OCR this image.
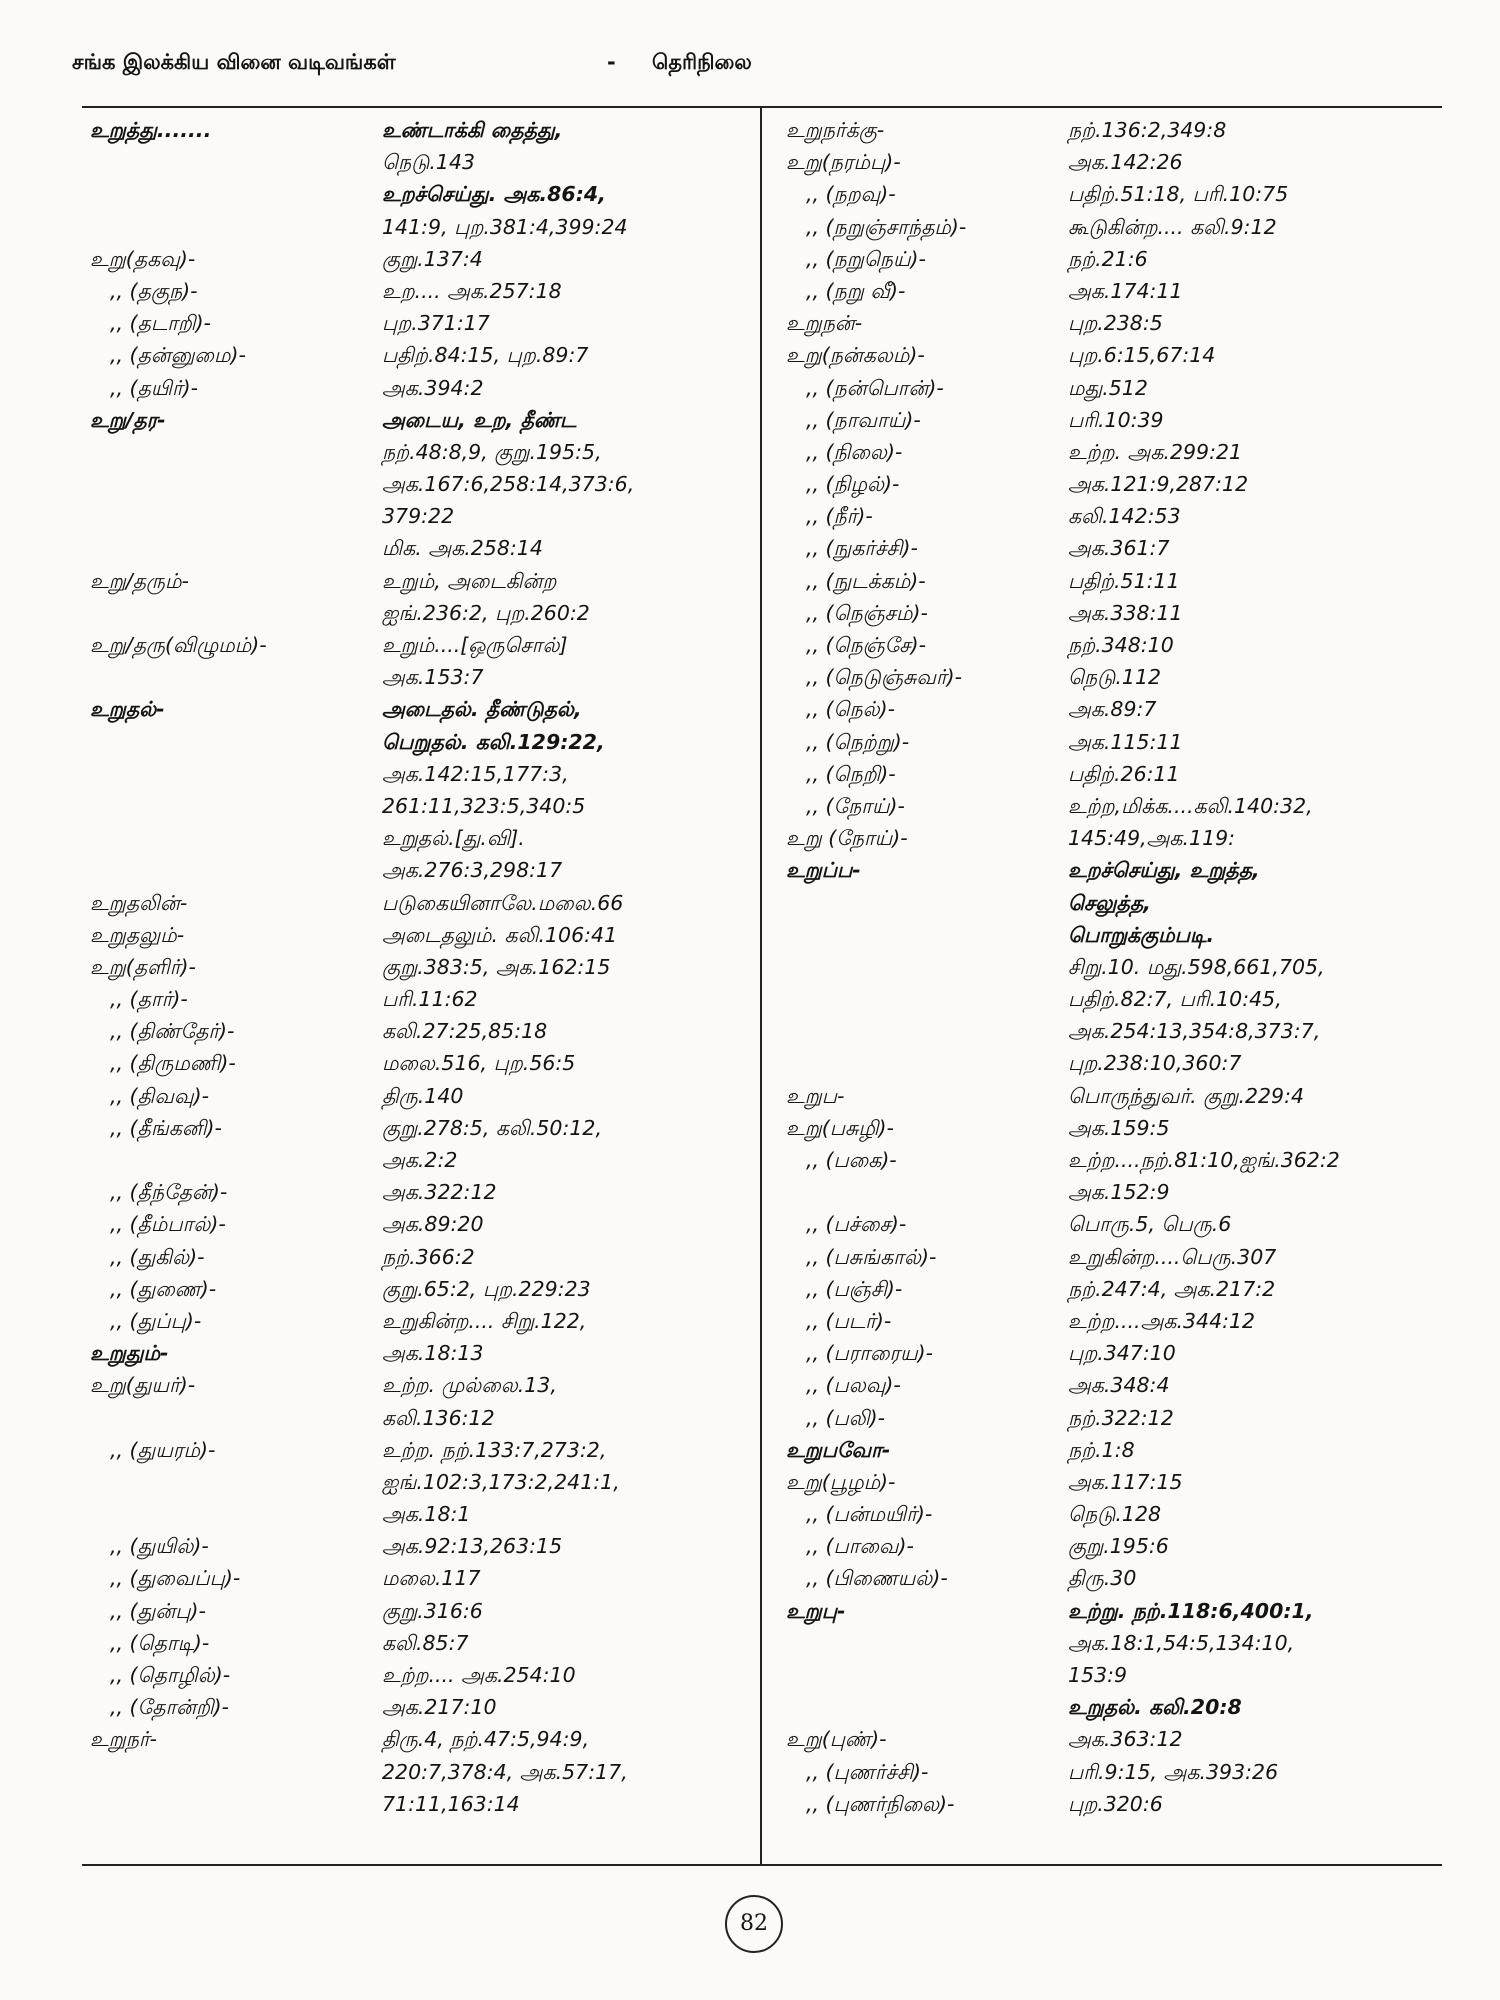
சங்க இலக்கிய வினை வடிவங்கள்	- தெரிநிலை
உறுத்து.......	உண்டாக்கி தைத்து,
நெடு.143
உறச்செய்து. அக.86:4,
141:9, புற.381:4,399:24
உறு(தகவு)-	குறு.137:4
,, (தகுந)-	உற.... அக.257:18
,, (தடாறி)-	புற.371:17
,, (தன்னுமை)-	பதிற்.84:15, புற.89:7
,, (தயிர்)-	அக.394:2
உறு/தர-	அடைய, உற, தீண்ட
நற்.48:8,9, குறு.195:5,
அக.167:6,258:14,373:6,
379:22
மிக. அக.258:14
உறு/தரும்-	உறும், அடைகின்ற
ஐங்.236:2, புற.260:2
உறு/தரு(விழுமம்)-	உறும்....[ஒருசொல்]
அக.153:7
உறுதல்-	அடைதல். தீண்டுதல்,
பெறுதல். கலி.129:22,
அக.142:15,177:3,
261:11,323:5,340:5
உறுதல்.[து.வி].
அக.276:3,298:17
உறுதலின்-	படுகையினாலே.மலை.66
உறுதலும்-	அடைதலும். கலி.106:41
உறு(தளிர்)-	குறு.383:5, அக.162:15
,, (தார்)-	பரி.11:62
,, (திண்தேர்)-	கலி.27:25,85:18
,, (திருமணி)-	மலை.516, புற.56:5
,, (திவவு)-	திரு.140
,, (தீங்கனி)-	குறு.278:5, கலி.50:12,
அக.2:2
,, (தீந்தேன்)-	அக.322:12
,, (தீம்பால்)-	அக.89:20
,, (துகில்)-	நற்.366:2
,, (துணை)-	குறு.65:2, புற.229:23
,, (துப்பு)-	உறுகின்ற.... சிறு.122,
உறுதும்-	அக.18:13
உறு(துயர்)-	உற்ற. முல்லை.13,
கலி.136:12
,, (துயரம்)-	உற்ற. நற்.133:7,273:2,
ஐங்.102:3,173:2,241:1,
அக.18:1
,, (துயில்)-	அக.92:13,263:15
,, (துவைப்பு)-	மலை.117
,, (துன்பு)-	குறு.316:6
,, (தொடி)-	கலி.85:7
,, (தொழில்)-	உற்ற.... அக.254:10
,, (தோன்றி)-	அக.217:10
உறுநர்-	திரு.4, நற்.47:5,94:9,
220:7,378:4, அக.57:17,
71:11,163:14
உறுநர்க்கு-	நற்.136:2,349:8
உறு(நரம்பு)-	அக.142:26
,, (நறவு)-	பதிற்.51:18, பரி.10:75
,, (நறுஞ்சாந்தம்)-	கூடுகின்ற.... கலி.9:12
,, (நறுநெய்)-	நற்.21:6
,, (நறு வீ)-	அக.174:11
உறுநன்-	புற.238:5
உறு(நன்கலம்)-	புற.6:15,67:14
,, (நன்பொன்)-	மது.512
,, (நாவாய்)-	பரி.10:39
,, (நிலை)-	உற்ற. அக.299:21
,, (நிழல்)-	அக.121:9,287:12
,, (நீர்)-	கலி.142:53
,, (நுகர்ச்சி)-	அக.361:7
,, (நுடக்கம்)-	பதிற்.51:11
,, (நெஞ்சம்)-	அக.338:11
,, (நெஞ்சே)-	நற்.348:10
,, (நெடுஞ்சுவர்)-	நெடு.112
,, (நெல்)-	அக.89:7
,, (நெற்று)-	அக.115:11
,, (நெறி)-	பதிற்.26:11
,, (நோய்)-	உற்ற,மிக்க....கலி.140:32,
உறு (நோய்)-	145:49,அக.119:
உறுப்ப-	உறச்செய்து, உறுத்த,
செலுத்த,
பொறுக்கும்படி.
சிறு.10. மது.598,661,705,
பதிற்.82:7, பரி.10:45,
அக.254:13,354:8,373:7,
புற.238:10,360:7
உறுப-	பொருந்துவர். குறு.229:4
உறு(பசுழி)-	அக.159:5
,, (பகை)-	உற்ற....நற்.81:10,ஐங்.362:2
அக.152:9
,, (பச்சை)-	பொரு.5, பெரு.6
,, (பசுங்கால்)-	உறுகின்ற....பெரு.307
,, (பஞ்சி)-	நற்.247:4, அக.217:2
,, (படர்)-	உற்ற....அக.344:12
,, (பராரைய)-	புற.347:10
,, (பலவு)-	அக.348:4
,, (பலி)-	நற்.322:12
உறுபவோ-	நற்.1:8
உறு(பூழம்)-	அக.117:15
,, (பன்மயிர்)-	நெடு.128
,, (பாவை)-	குறு.195:6
,, (பிணையல்)-	திரு.30
உறுபு-	உற்று. நற்.118:6,400:1,
அக.18:1,54:5,134:10,
153:9
உறுதல். கலி.20:8
உறு(புண்)-	அக.363:12
,, (புணர்ச்சி)-	பரி.9:15, அக.393:26
,, (புணர்நிலை)-	புற.320:6
82
